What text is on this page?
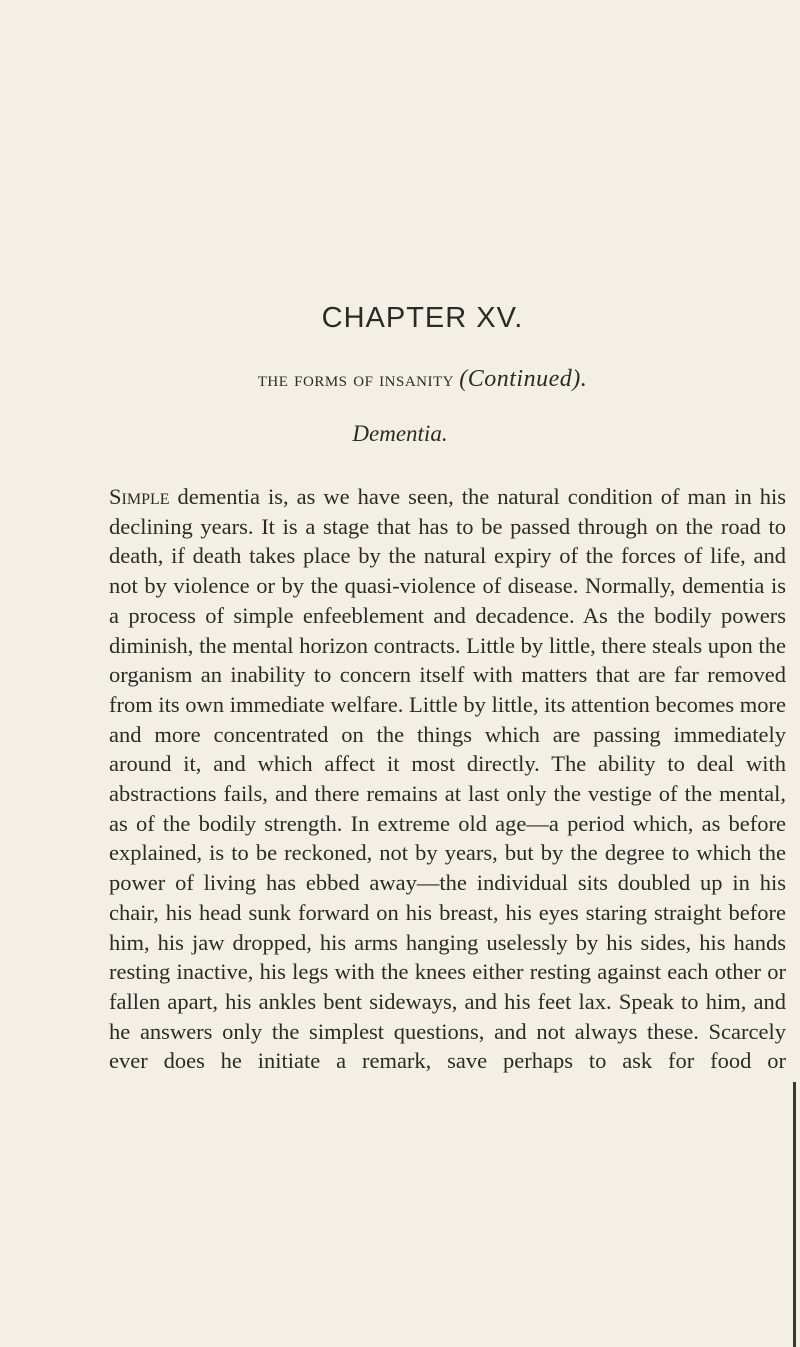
CHAPTER XV.
the forms of insanity (Continued).
Dementia.
Simple dementia is, as we have seen, the natural condition of man in his declining years. It is a stage that has to be passed through on the road to death, if death takes place by the natural expiry of the forces of life, and not by violence or by the quasi-violence of disease. Normally, dementia is a process of simple enfeeblement and decadence. As the bodily powers diminish, the mental horizon contracts. Little by little, there steals upon the organism an inability to concern itself with matters that are far removed from its own immediate welfare. Little by little, its attention becomes more and more concentrated on the things which are passing immediately around it, and which affect it most directly. The ability to deal with abstractions fails, and there remains at last only the vestige of the mental, as of the bodily strength. In extreme old age—a period which, as before explained, is to be reckoned, not by years, but by the degree to which the power of living has ebbed away—the individual sits doubled up in his chair, his head sunk forward on his breast, his eyes staring straight before him, his jaw dropped, his arms hanging uselessly by his sides, his hands resting inactive, his legs with the knees either resting against each other or fallen apart, his ankles bent sideways, and his feet lax. Speak to him, and he answers only the simplest questions, and not always these. Scarcely ever does he initiate a remark, save perhaps to ask for food or
